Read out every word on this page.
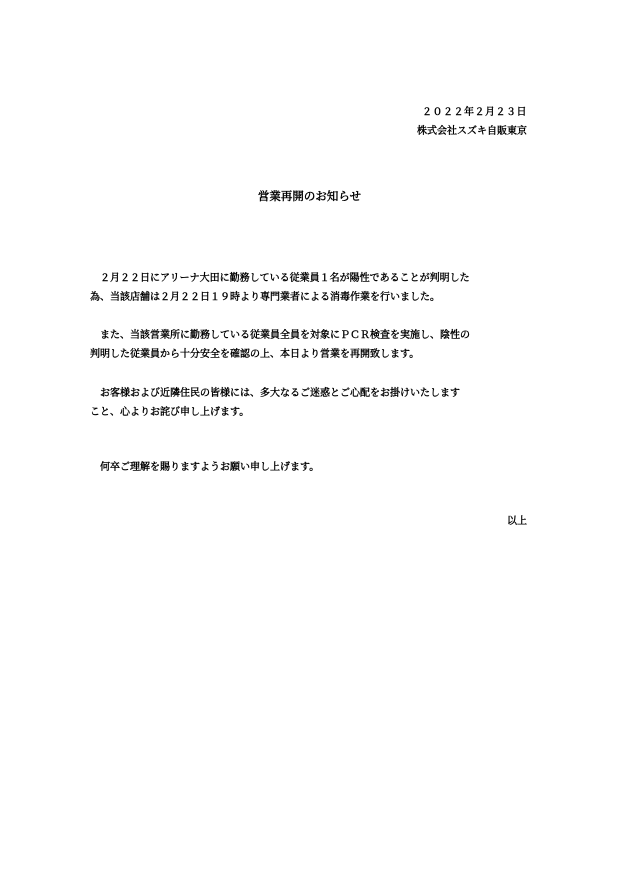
２０２２年２月２３日
株式会社スズキ自販東京
営業再開のお知らせ
　２月２２日にアリーナ大田に勤務している従業員１名が陽性であることが判明した
為、当該店舗は２月２２日１９時より専門業者による消毒作業を行いました。
　また、当該営業所に勤務している従業員全員を対象にＰＣＲ検査を実施し、陰性の
判明した従業員から十分安全を確認の上、本日より営業を再開致します。
　お客様および近隣住民の皆様には、多大なるご迷惑とご心配をお掛けいたします
こと、心よりお詫び申し上げます。
　何卒ご理解を賜りますようお願い申し上げます。
以上
